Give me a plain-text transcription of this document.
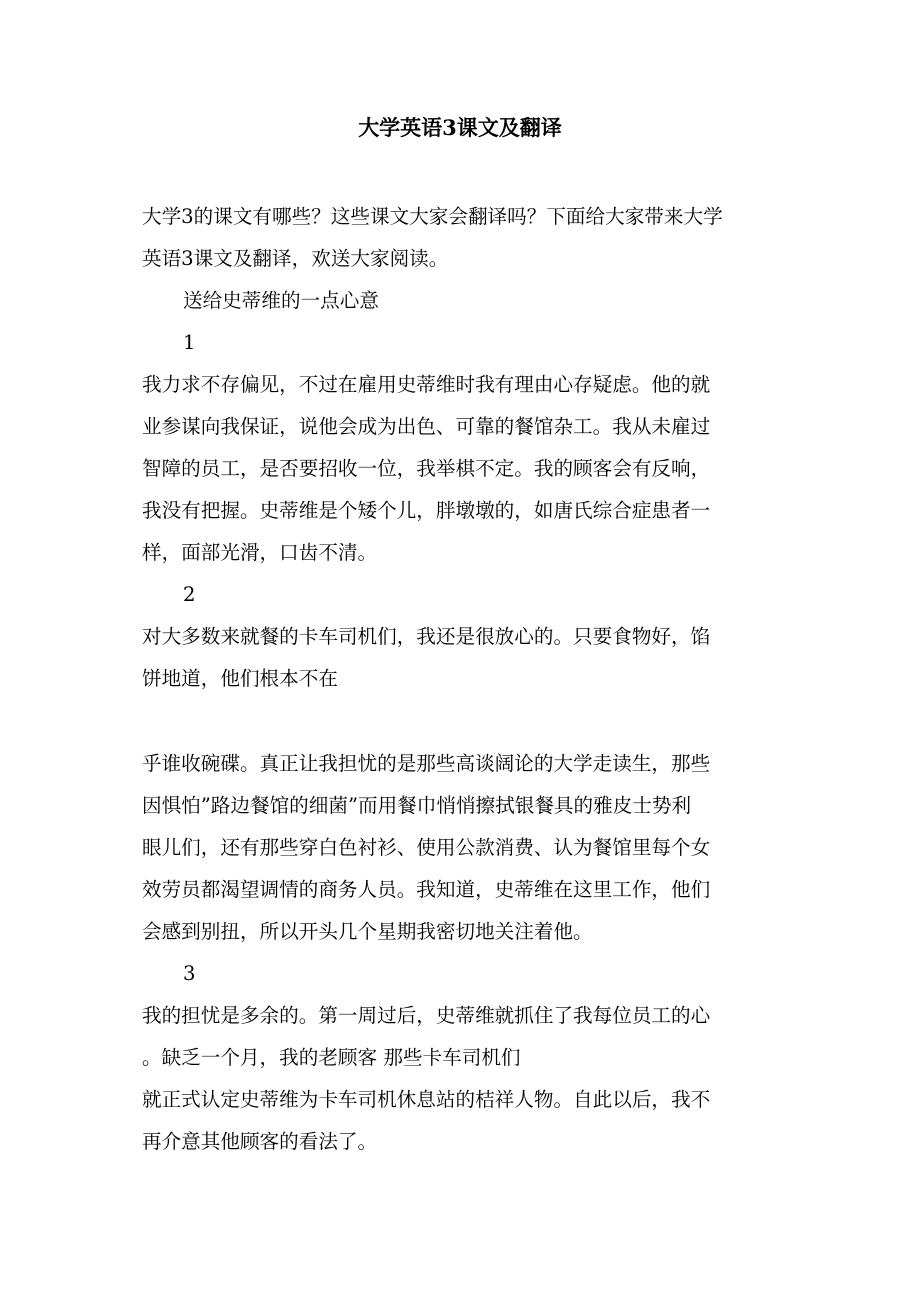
大学英语3课文及翻译
大学3的课文有哪些？这些课文大家会翻译吗？下面给大家带来大学
英语3课文及翻译，欢送大家阅读。
送给史蒂维的一点心意
1
我力求不存偏见，不过在雇用史蒂维时我有理由心存疑虑。他的就
业参谋向我保证，说他会成为出色、可靠的餐馆杂工。我从未雇过
智障的员工，是否要招收一位，我举棋不定。我的顾客会有反响，
我没有把握。史蒂维是个矮个儿，胖墩墩的，如唐氏综合症患者一
样，面部光滑，口齿不清。
2
对大多数来就餐的卡车司机们，我还是很放心的。只要食物好，馅
饼地道，他们根本不在
乎谁收碗碟。真正让我担忧的是那些高谈阔论的大学走读生，那些
因惧怕”路边餐馆的细菌”而用餐巾悄悄擦拭银餐具的雅皮士势利
眼儿们，还有那些穿白色衬衫、使用公款消费、认为餐馆里每个女
效劳员都渴望调情的商务人员。我知道，史蒂维在这里工作，他们
会感到别扭，所以开头几个星期我密切地关注着他。
3
我的担忧是多余的。第一周过后，史蒂维就抓住了我每位员工的心
。缺乏一个月，我的老顾客 那些卡车司机们
就正式认定史蒂维为卡车司机休息站的桔祥人物。自此以后，我不
再介意其他顾客的看法了。
